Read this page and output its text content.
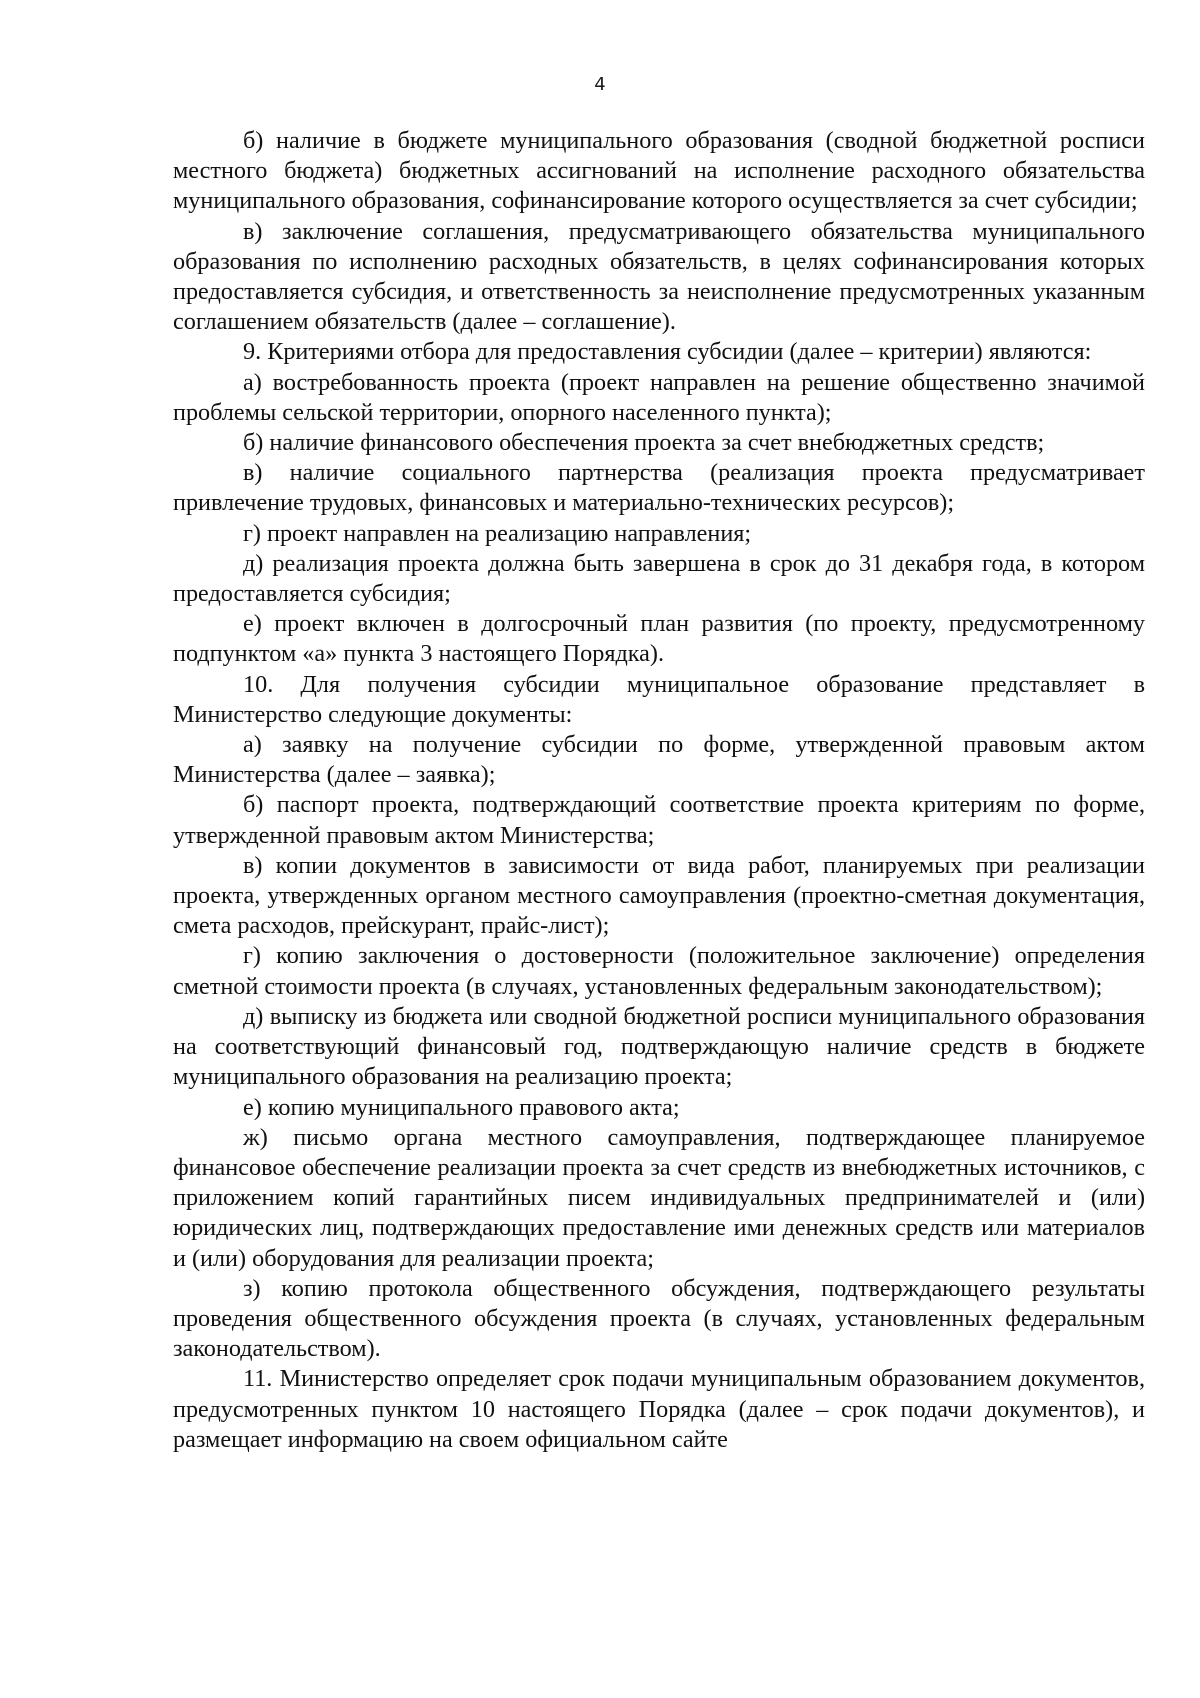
4

б) наличие в бюджете муниципального образования (сводной бюджетной росписи местного бюджета) бюджетных ассигнований на исполнение расходного обязательства муниципального образования, софинансирование которого осуществляется за счет субсидии;

в) заключение соглашения, предусматривающего обязательства муниципального образования по исполнению расходных обязательств, в целях софинансирования которых предоставляется субсидия, и ответственность за неисполнение предусмотренных указанным соглашением обязательств (далее – соглашение).

9. Критериями отбора для предоставления субсидии (далее – критерии) являются:

а) востребованность проекта (проект направлен на решение общественно значимой проблемы сельской территории, опорного населенного пункта);

б) наличие финансового обеспечения проекта за счет внебюджетных средств;

в) наличие социального партнерства (реализация проекта предусматривает привлечение трудовых, финансовых и материально-технических ресурсов);

г) проект направлен на реализацию направления;

д) реализация проекта должна быть завершена в срок до 31 декабря года, в котором предоставляется субсидия;

е) проект включен в долгосрочный план развития (по проекту, предусмотренному подпунктом «а» пункта 3 настоящего Порядка).

10. Для получения субсидии муниципальное образование представляет в Министерство следующие документы:

а) заявку на получение субсидии по форме, утвержденной правовым актом Министерства (далее – заявка);

б) паспорт проекта, подтверждающий соответствие проекта критериям по форме, утвержденной правовым актом Министерства;

в) копии документов в зависимости от вида работ, планируемых при реализации проекта, утвержденных органом местного самоуправления (проектно-сметная документация, смета расходов, прейскурант, прайс-лист);

г) копию заключения о достоверности (положительное заключение) определения сметной стоимости проекта (в случаях, установленных федеральным законодательством);

д) выписку из бюджета или сводной бюджетной росписи муниципального образования на соответствующий финансовый год, подтверждающую наличие средств в бюджете муниципального образования на реализацию проекта;

е) копию муниципального правового акта;

ж) письмо органа местного самоуправления, подтверждающее планируемое финансовое обеспечение реализации проекта за счет средств из внебюджетных источников, с приложением копий гарантийных писем индивидуальных предпринимателей и (или) юридических лиц, подтверждающих предоставление ими денежных средств или материалов и (или) оборудования для реализации проекта;

з) копию протокола общественного обсуждения, подтверждающего результаты проведения общественного обсуждения проекта (в случаях, установленных федеральным законодательством).

11. Министерство определяет срок подачи муниципальным образованием документов, предусмотренных пунктом 10 настоящего Порядка (далее – срок подачи документов), и размещает информацию на своем официальном сайте
